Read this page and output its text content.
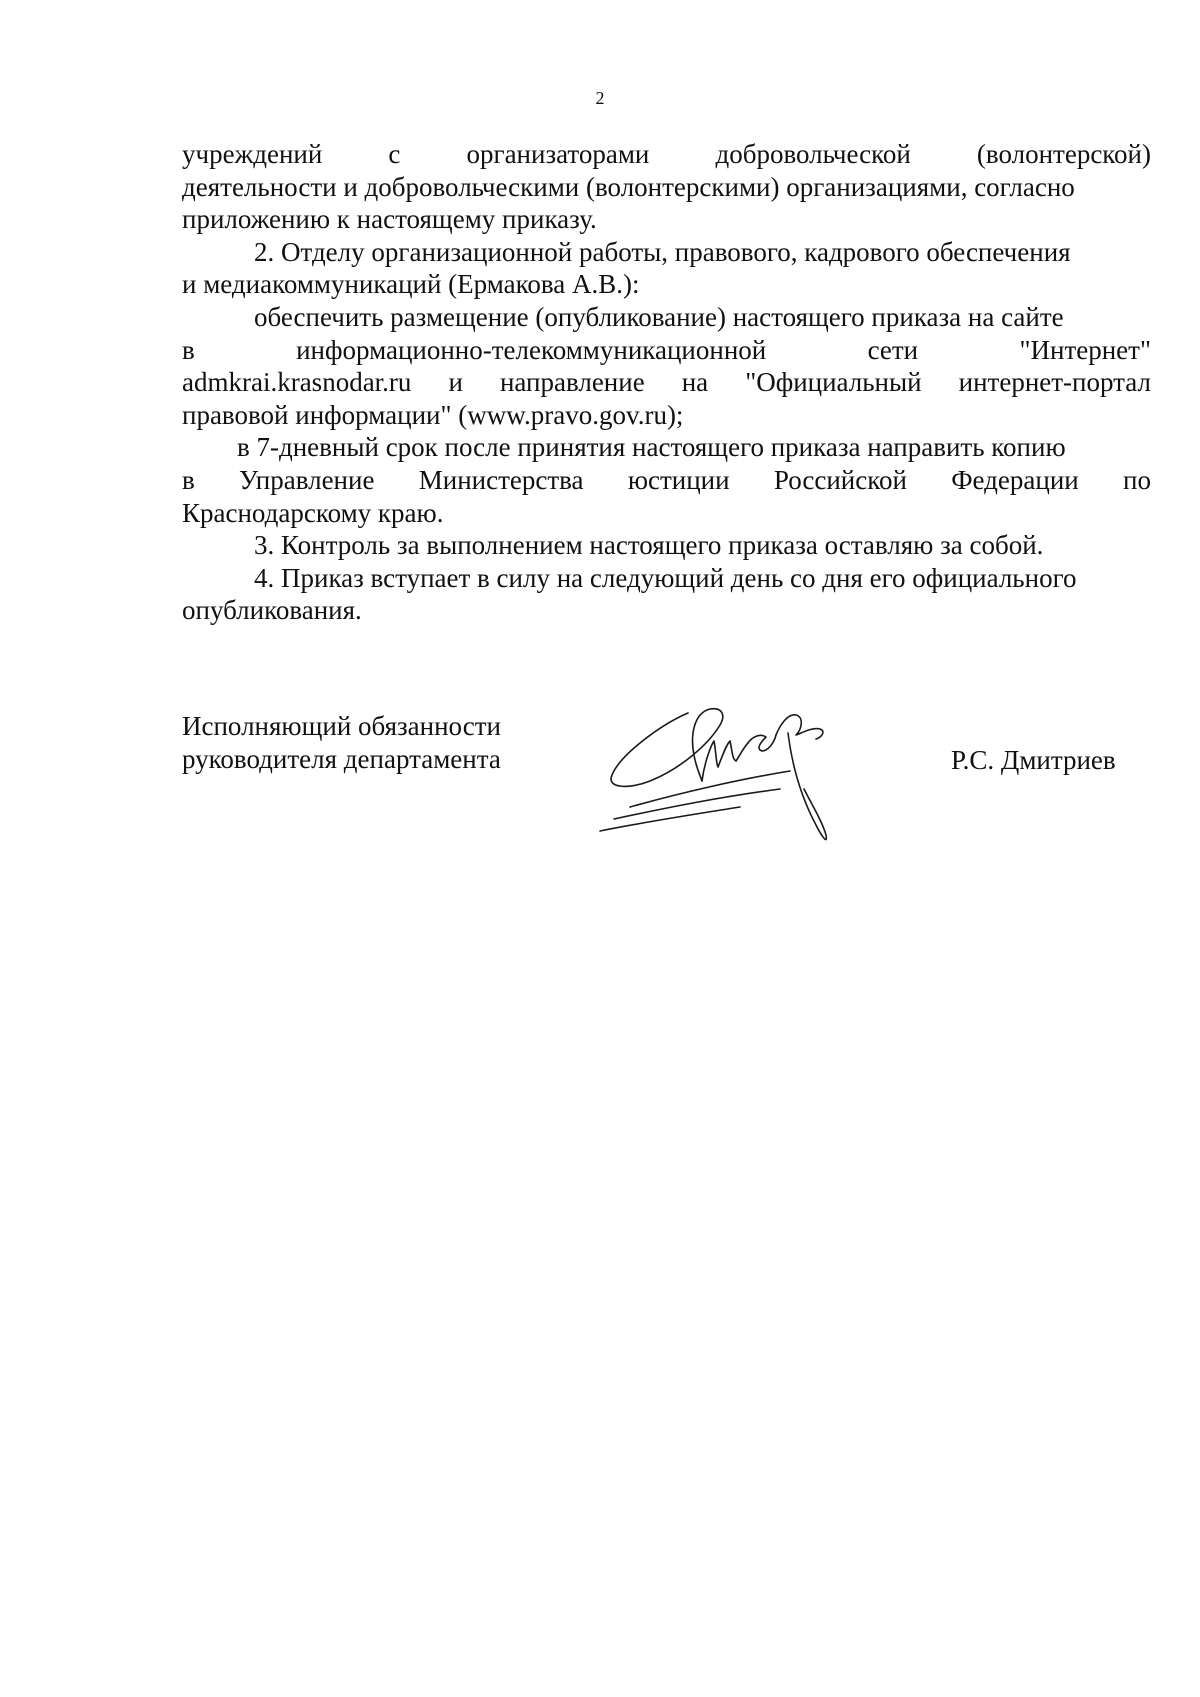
2
учреждений с организаторами добровольческой (волонтерской)
деятельности и добровольческими (волонтерскими) организациями, согласно
приложению к настоящему приказу.
2. Отделу организационной работы, правового, кадрового обеспечения
и медиакоммуникаций (Ермакова А.В.):
обеспечить размещение (опубликование) настоящего приказа на сайте
в	информационно-телекоммуникационной	сети	"Интернет"
admkrai.krasnodar.ru и направление на "Официальный интернет-портал
правовой информации" (www.pravo.gov.ru);
в 7-дневный срок после принятия настоящего приказа направить копию
в Управление Министерства юстиции Российской Федерации по
Краснодарскому краю.
3. Контроль за выполнением настоящего приказа оставляю за собой.
4. Приказ вступает в силу на следующий день со дня его официального
опубликования.
Исполняющий обязанности
руководителя департамента	Р.С. Дмитриев
